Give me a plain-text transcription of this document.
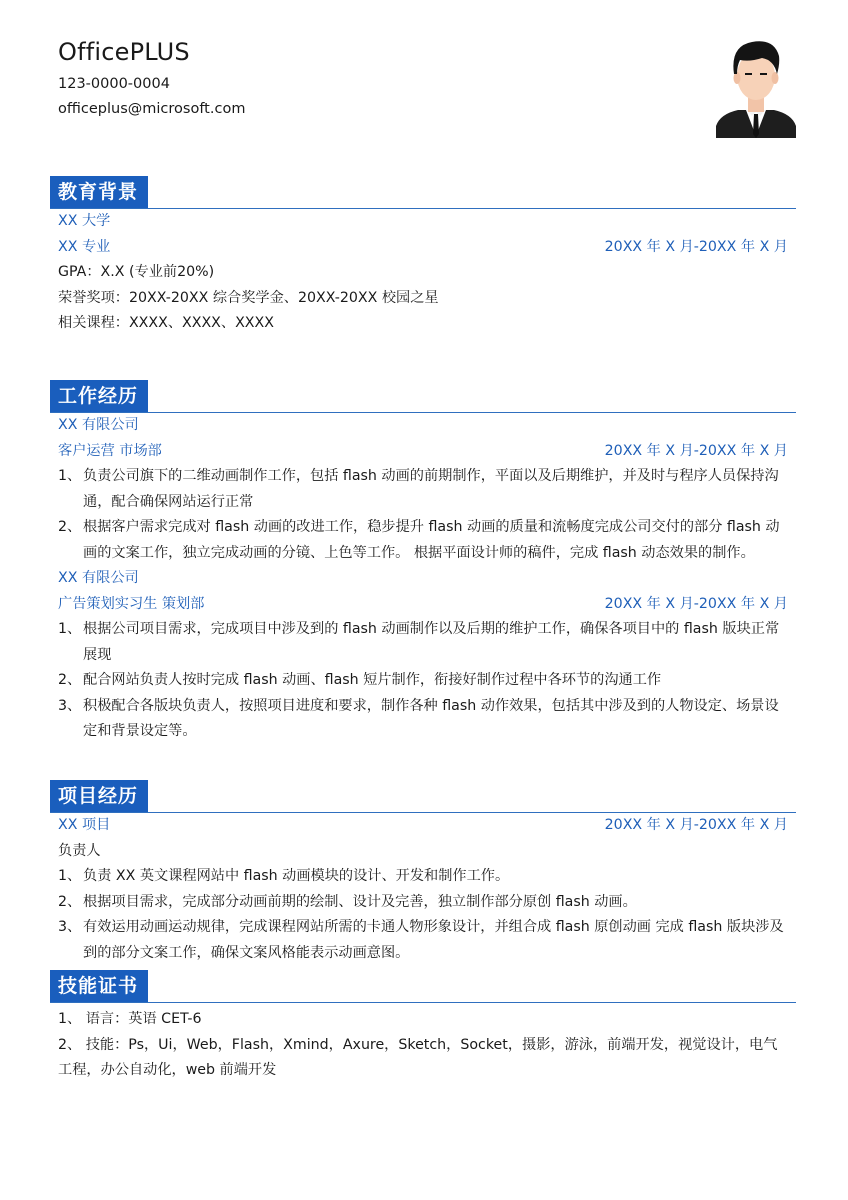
OfficePLUS
123-0000-0004
officeplus@microsoft.com
教育背景
XX 大学
XX 专业	20XX 年 X 月-20XX 年 X 月
GPA：X.X (专业前20%)
荣誉奖项：20XX-20XX 综合奖学金、20XX-20XX 校园之星
相关课程：XXXX、XXXX、XXXX
工作经历
XX 有限公司
客户运营 市场部	20XX 年 X 月-20XX 年 X 月
1、 负责公司旗下的二维动画制作工作，包括 flash 动画的前期制作，平面以及后期维护，并及时与程序人员保持沟通，配合确保网站运行正常
2、 根据客户需求完成对 flash 动画的改进工作，稳步提升 flash 动画的质量和流畅度完成公司交付的部分 flash 动画的文案工作，独立完成动画的分镜、上色等工作。 根据平面设计师的稿件，完成 flash 动态效果的制作。
XX 有限公司
广告策划实习生 策划部	20XX 年 X 月-20XX 年 X 月
1、 根据公司项目需求，完成项目中涉及到的 flash 动画制作以及后期的维护工作，确保各项目中的 flash 版块正常展现
2、 配合网站负责人按时完成 flash 动画、flash 短片制作，衔接好制作过程中各环节的沟通工作
3、 积极配合各版块负责人，按照项目进度和要求，制作各种 flash 动作效果，包括其中涉及到的人物设定、场景设定和背景设定等。
项目经历
XX 项目	20XX 年 X 月-20XX 年 X 月
负责人
1、 负责 XX 英文课程网站中 flash 动画模块的设计、开发和制作工作。
2、 根据项目需求，完成部分动画前期的绘制、设计及完善，独立制作部分原创 flash 动画。
3、 有效运用动画运动规律，完成课程网站所需的卡通人物形象设计，并组合成 flash 原创动画 完成 flash 版块涉及到的部分文案工作，确保文案风格能表示动画意图。
技能证书
1、 语言：英语 CET-6
2、 技能：Ps，Ui，Web，Flash，Xmind，Axure，Sketch，Socket，摄影，游泳，前端开发，视觉设计，电气工程，办公自动化，web 前端开发
